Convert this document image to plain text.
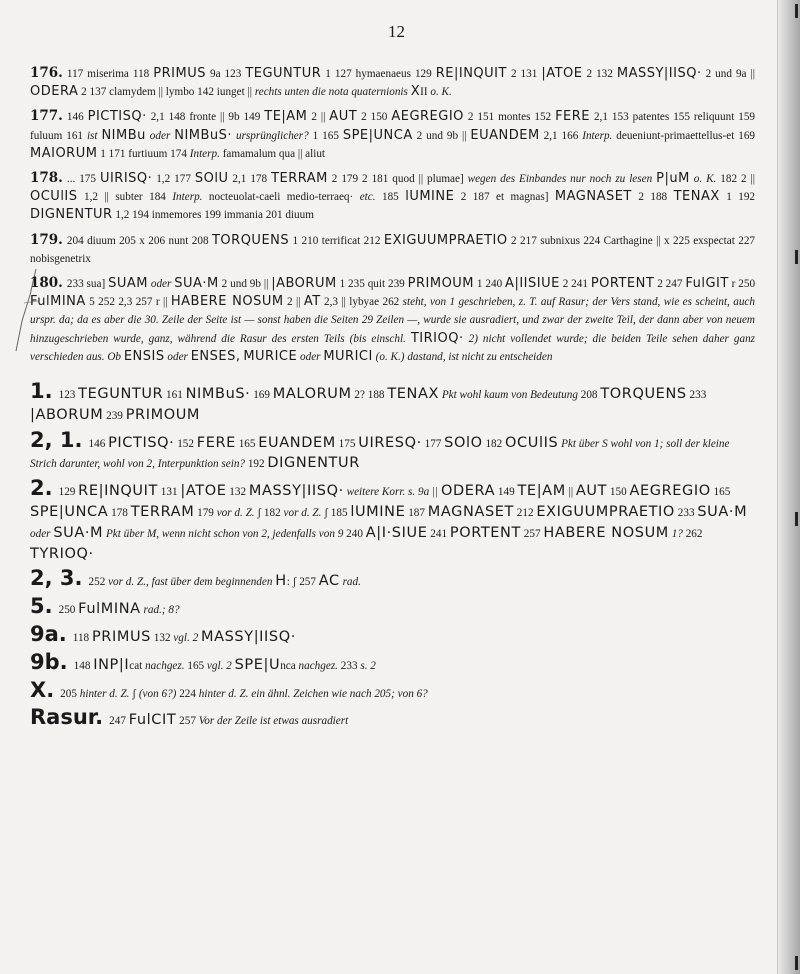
12

176. 117 miserima 118 PRIMUS 9a 123 TEGUNTUR 1 127 hymaenaeus 129 RE|INQUIT 2 131 |ATOE 2 132 MASSY|IISQ· 2 und 9a || ODERA 2 137 clamydem || lymbo 142 iunget || rechts unten die nota quaternionis XII o. K.

177. 146 PICTISQ· 2,1 148 fronte || 9b 149 TE|AM 2 || AUT 2 150 AEGREGIO 2 151 montes 152 FERE 2,1 153 patentes 155 reliquunt 159 fuluum 161 ist NIMBu oder NIMBuS· ursprünglicher? 1 165 SPE|UNCA 2 und 9b || EUANDEM 2,1 166 Interp. deueniunt-primaettellus-et 169 MAIORUM 1 171 furtiuum 174 Interp. famamalum qua || aliut

178. ... 175 UIRISQ· 1,2 177 SOlU 2,1 178 TERRAM 2 179 2 181 quod || plumae] wegen des Einbandes nur noch zu lesen P|uM o. K. 182 2 || OCUlIS 1,2 || subter 184 Interp. nocteuolat-caeli medio-terraeq· etc. 185 lUMINE 2 187 et magnas] MAGNASET 2 188 TENAX 1 192 DIGNENTUR 1,2 194 inmemores 199 immania 201 diuum

179. 204 diuum 205 x 206 nunt 208 TORQUENS 1 210 terrificat 212 EXIGUUMPRAETIO 2 217 subnixus 224 Carthagine || x 225 exspectat 227 nobisgenetrix

180. 233 sua] SUAM oder SUA·M 2 und 9b || |ABORUM 1 235 quit 239 PRIMOUM 1 240 A|IISIUE 2 241 PORTENT 2 247 FulGIT r 250 FulMINA 5 252 2,3 257 r || HABERE NOSUM 2 || AT 2,3 || lybyae 262 steht, von 1 geschrieben, z. T. auf Rasur; der Vers stand, wie es scheint, auch urspr. da; da es aber die 30. Zeile der Seite ist — sonst haben die Seiten 29 Zeilen —, wurde sie ausradiert, und zwar der zweite Teil, der dann aber von neuem hinzugeschrieben wurde, ganz, während die Rasur des ersten Teils (bis einschl. TIRIOQ· 2) nicht vollendet wurde; die beiden Teile sehen daher ganz verschieden aus. Ob ENSIS oder ENSES, MURICE oder MURICI (o. K.) dastand, ist nicht zu entscheiden

1. 123 TEGUNTUR 161 NIMBuS· 169 MALORUM 2? 188 TENAX Pkt wohl kaum von Bedeutung 208 TORQUENS 233 |ABORUM 239 PRIMOUM

2, 1. 146 PICTISQ· 152 FERE 165 EUANDEM 175 UIRESQ· 177 SOlO 182 OCUlIS Pkt über S wohl von 1; soll der kleine Strich darunter, wohl von 2, Interpunktion sein? 192 DIGNENTUR

2. 129 RE|INQUIT 131 |ATOE 132 MASSY|IISQ· weitere Korr. s. 9a || ODERA 149 TE|AM || AUT 150 AEGREGIO 165 SPE|UNCA 178 TERRAM 179 vor d. Z. ʃ 182 vor d. Z. ʃ 185 lUMINE 187 MAGNASET 212 EXIGUUMPRAETIO 233 SUA·M oder SUA·M Pkt über M, wenn nicht schon von 2, jedenfalls von 9 240 A|I·SIUE 241 PORTENT 257 HABERE NOSUM 1? 262 TYRIOQ·

2, 3. 252 vor d. Z., fast über dem beginnenden H: ʃ 257 AC rad.

5. 250 FulMINA rad.; 8?

9a. 118 PRIMUS 132 vgl. 2 MASSY|IISQ·

9b. 148 INP|Icat nachgez. 165 vgl. 2 SPE|Unca nachgez. 233 s. 2

X. 205 hinter d. Z. ʃ (von 6?) 224 hinter d. Z. ein ähnl. Zeichen wie nach 205; von 6?

Rasur. 247 FulCIT 257 Vor der Zeile ist etwas ausradiert
